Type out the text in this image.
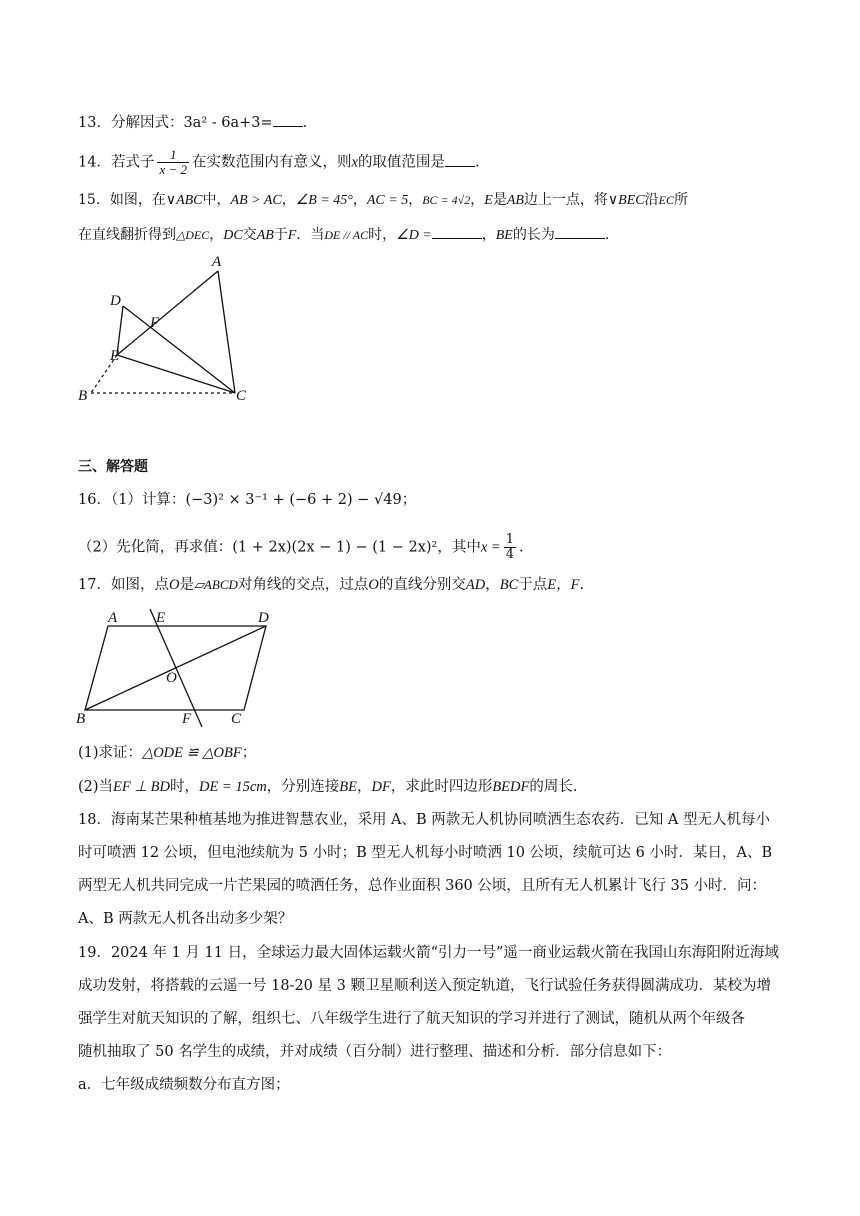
13．分解因式：3a² - 6a+3= .
14．若式子 $\frac{1}{x - 2}$ 在实数范围内有意义，则x的取值范围是 .
15．如图，在∨ABC中，AB > AC，∠B = 45°，AC = 5，BC = 4√2，E是AB边上一点，将∨BEC沿EC所
在直线翻折得到△DEC，DC交AB于F．当DE // AC时，∠D =	，BE的长为	.
A
D
F
E
B	C
三、解答题
16．（1）计算：(−3)² × 3⁻¹ + (−6 + 2) − √49；
（2）先化简，再求值：(1 + 2x)(2x − 1) − (1 − 2x)²，其中$x = \frac{1}{4}$ .
17．如图，点O是▱ABCD对角线的交点，过点O的直线分别交AD，BC于点E，F.
A	E	D
O
B	F	C
(1)求证：△ODE ≌ △OBF；
(2)当EF ⊥ BD时，DE = 15cm，分别连接BE，DF，求此时四边形BEDF的周长.
18．海南某芒果种植基地为推进智慧农业，采用 A、B 两款无人机协同喷洒生态农药．已知 A 型无人机每小
时可喷洒 12 公顷，但电池续航为 5 小时；B 型无人机每小时喷洒 10 公顷，续航可达 6 小时．某日，A、B
两型无人机共同完成一片芒果园的喷洒任务，总作业面积 360 公顷，且所有无人机累计飞行 35 小时．问：
A、B 两款无人机各出动多少架？
19．2024 年 1 月 11 日，全球运力最大固体运载火箭“引力一号”遥一商业运载火箭在我国山东海阳附近海域
成功发射，将搭载的云遥一号 18-20 星 3 颗卫星顺利送入预定轨道，飞行试验任务获得圆满成功．某校为增
强学生对航天知识的了解，组织七、八年级学生进行了航天知识的学习并进行了测试，随机从两个年级各
随机抽取了 50 名学生的成绩，并对成绩（百分制）进行整理、描述和分析．部分信息如下：
a．七年级成绩频数分布直方图；
